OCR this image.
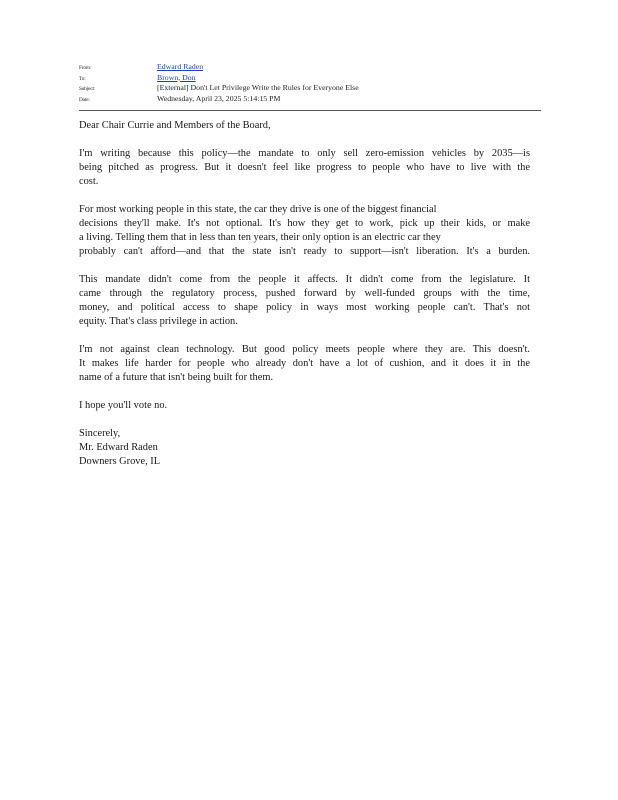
From:	Edward Raden
To:	Brown, Don
Subject:	[External] Don't Let Privilege Write the Rules for Everyone Else
Date:	Wednesday, April 23, 2025 5:14:15 PM

Dear Chair Currie and Members of the Board,

I'm writing because this policy—the mandate to only sell zero-emission vehicles by 2035—is
being pitched as progress. But it doesn't feel like progress to people who have to live with the
cost.

For most working people in this state, the car they drive is one of the biggest financial
decisions they'll make. It's not optional. It's how they get to work, pick up their kids, or make
a living. Telling them that in less than ten years, their only option is an electric car they
probably can't afford—and that the state isn't ready to support—isn't liberation. It's a burden.

This mandate didn't come from the people it affects. It didn't come from the legislature. It
came through the regulatory process, pushed forward by well-funded groups with the time,
money, and political access to shape policy in ways most working people can't. That's not
equity. That's class privilege in action.

I'm not against clean technology. But good policy meets people where they are. This doesn't.
It makes life harder for people who already don't have a lot of cushion, and it does it in the
name of a future that isn't being built for them.

I hope you'll vote no.

Sincerely,
Mr. Edward Raden
Downers Grove, IL
